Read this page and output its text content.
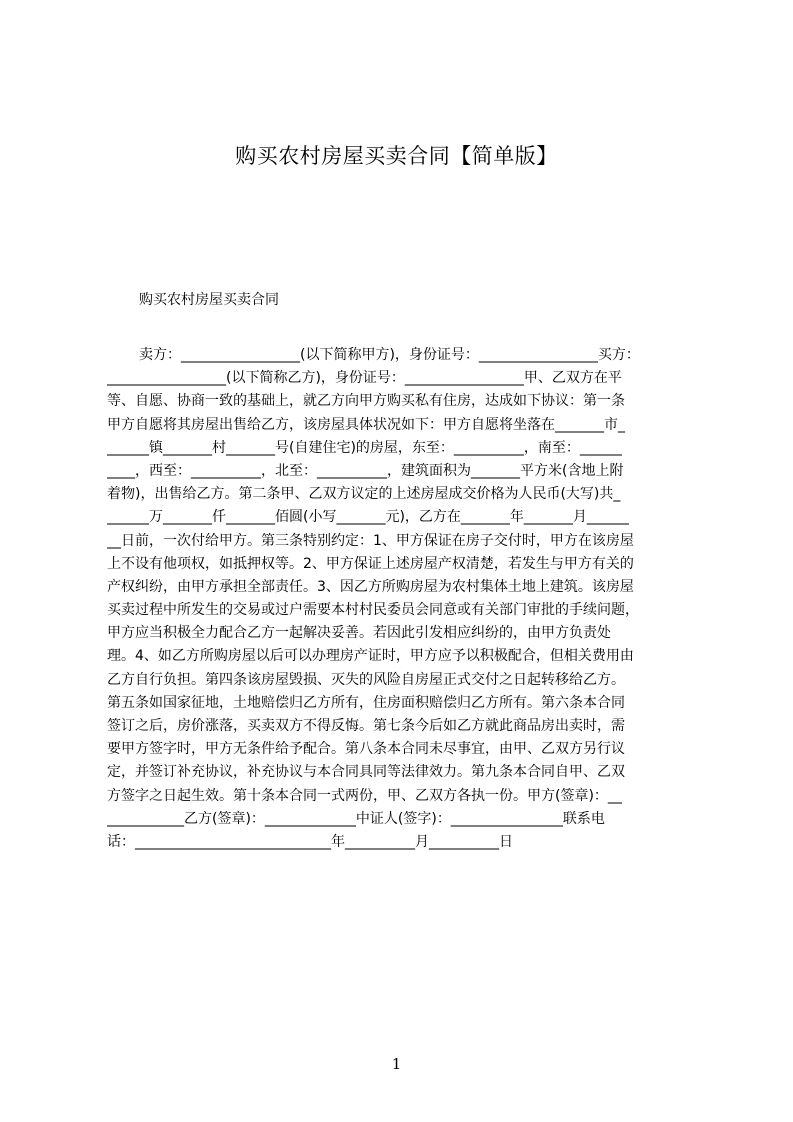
购买农村房屋买卖合同【简单版】
购买农村房屋买卖合同
卖方：_________________(以下简称甲方)，身份证号：_________________买方：
_________________(以下简称乙方)，身份证号：_________________甲、乙双方在平
等、自愿、协商一致的基础上，就乙方向甲方购买私有住房，达成如下协议：第一条
甲方自愿将其房屋出售给乙方，该房屋具体状况如下：甲方自愿将坐落在_______市_
______镇_______村_______号(自建住宅)的房屋，东至：__________，南至：______
____，西至：__________，北至：__________，建筑面积为_______平方米(含地上附
着物)，出售给乙方。第二条甲、乙双方议定的上述房屋成交价格为人民币(大写)共_
______万_______仟_______佰圆(小写_______元)，乙方在_______年_______月______
__日前，一次付给甲方。第三条特别约定：1、甲方保证在房子交付时，甲方在该房屋
上不设有他项权，如抵押权等。2、甲方保证上述房屋产权清楚，若发生与甲方有关的
产权纠纷，由甲方承担全部责任。3、因乙方所购房屋为农村集体土地上建筑。该房屋
买卖过程中所发生的交易或过户需要本村村民委员会同意或有关部门审批的手续问题，
甲方应当积极全力配合乙方一起解决妥善。若因此引发相应纠纷的，由甲方负责处
理。4、如乙方所购房屋以后可以办理房产证时，甲方应予以积极配合，但相关费用由
乙方自行负担。第四条该房屋毁损、灭失的风险自房屋正式交付之日起转移给乙方。
第五条如国家征地，土地赔偿归乙方所有，住房面积赔偿归乙方所有。第六条本合同
签订之后，房价涨落，买卖双方不得反悔。第七条今后如乙方就此商品房出卖时，需
要甲方签字时，甲方无条件给予配合。第八条本合同未尽事宜，由甲、乙双方另行议
定，并签订补充协议，补充协议与本合同具同等法律效力。第九条本合同自甲、乙双
方签字之日起生效。第十条本合同一式两份，甲、乙双方各执一份。甲方(签章)：__
___________乙方(签章)：_____________中证人(签字)：________________联系电
话：____________________________年__________月__________日
1
